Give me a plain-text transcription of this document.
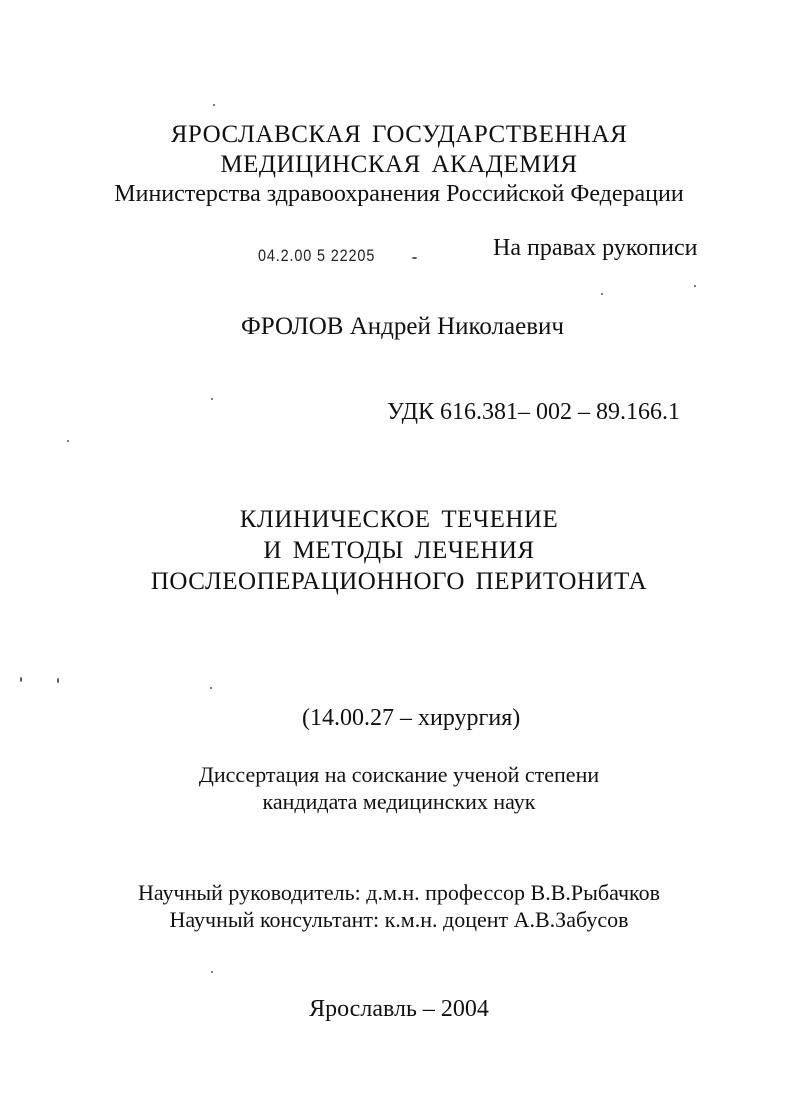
ЯРОСЛАВСКАЯ ГОСУДАРСТВЕННАЯ
МЕДИЦИНСКАЯ АКАДЕМИЯ
Министерства здравоохранения Российской Федерации
04.2.00 5 22205	На правах рукописи
ФРОЛОВ Андрей Николаевич
УДК 616.381– 002 – 89.166.1
КЛИНИЧЕСКОЕ ТЕЧЕНИЕ
И МЕТОДЫ ЛЕЧЕНИЯ
ПОСЛЕОПЕРАЦИОННОГО ПЕРИТОНИТА
(14.00.27 – хирургия)
Диссертация на соискание ученой степени
кандидата медицинских наук
Научный руководитель: д.м.н. профессор В.В.Рыбачков
Научный консультант: к.м.н. доцент А.В.Забусов
Ярославль – 2004
